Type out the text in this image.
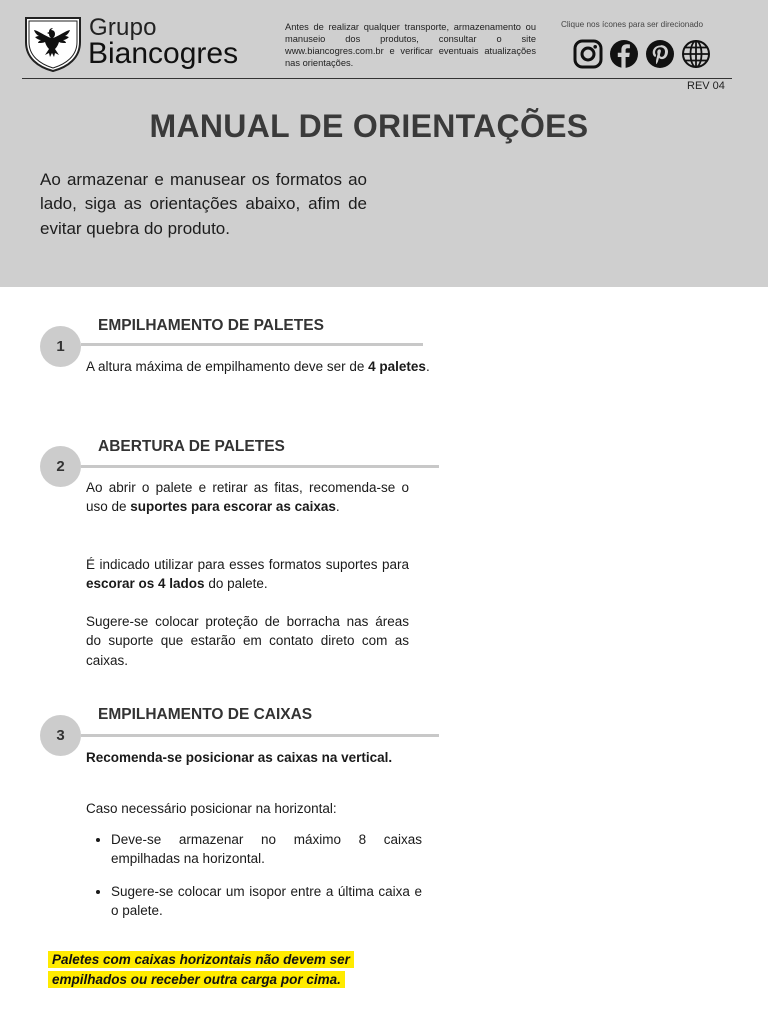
Grupo
Biancogres
Antes de realizar qualquer transporte, armazenamento ou manuseio dos produtos, consultar o site www.biancogres.com.br e verificar eventuais atualizações nas orientações.
Clique nos ícones para ser direcionado
REV 04
MANUAL DE ORIENTAÇÕES
Ao armazenar e manusear os formatos ao lado, siga as orientações abaixo, afim de evitar quebra do produto.
1
EMPILHAMENTO DE PALETES
A altura máxima de empilhamento deve ser de 4 paletes.
2
ABERTURA DE PALETES
Ao abrir o palete e retirar as fitas, recomenda-se o uso de suportes para escorar as caixas.
É indicado utilizar para esses formatos suportes para escorar os 4 lados do palete.
Sugere-se colocar proteção de borracha nas áreas do suporte que estarão em contato direto com as caixas.
3
EMPILHAMENTO DE CAIXAS
Recomenda-se posicionar as caixas na vertical.
Caso necessário posicionar na horizontal:
• Deve-se armazenar no máximo 8 caixas empilhadas na horizontal.
• Sugere-se colocar um isopor entre a última caixa e o palete.
Paletes com caixas horizontais não devem ser empilhados ou receber outra carga por cima.
